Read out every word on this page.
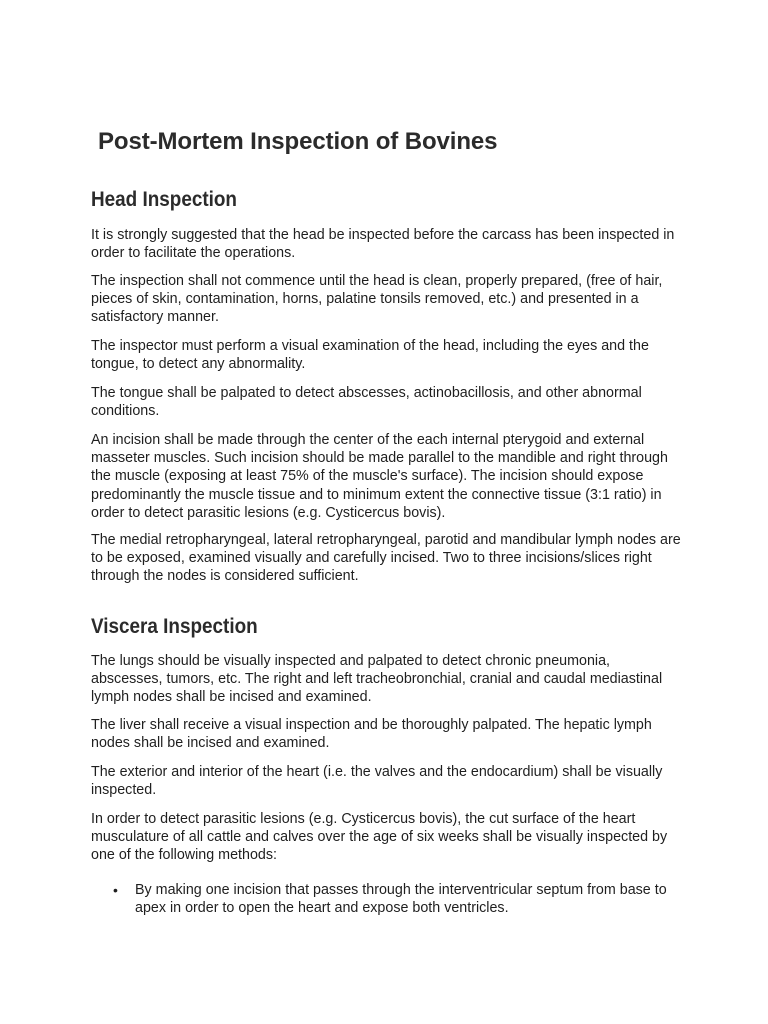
Post-Mortem Inspection of Bovines
Head Inspection

It is strongly suggested that the head be inspected before the carcass has been inspected in order to facilitate the operations.

The inspection shall not commence until the head is clean, properly prepared, (free of hair, pieces of skin, contamination, horns, palatine tonsils removed, etc.) and presented in a satisfactory manner.

The inspector must perform a visual examination of the head, including the eyes and the tongue, to detect any abnormality.

The tongue shall be palpated to detect abscesses, actinobacillosis, and other abnormal conditions.

An incision shall be made through the center of the each internal pterygoid and external masseter muscles. Such incision should be made parallel to the mandible and right through the muscle (exposing at least 75% of the muscle's surface). The incision should expose predominantly the muscle tissue and to minimum extent the connective tissue (3:1 ratio) in order to detect parasitic lesions (e.g. Cysticercus bovis).

The medial retropharyngeal, lateral retropharyngeal, parotid and mandibular lymph nodes are to be exposed, examined visually and carefully incised. Two to three incisions/slices right through the nodes is considered sufficient.

Viscera Inspection

The lungs should be visually inspected and palpated to detect chronic pneumonia, abscesses, tumors, etc. The right and left tracheobronchial, cranial and caudal mediastinal lymph nodes shall be incised and examined.

The liver shall receive a visual inspection and be thoroughly palpated. The hepatic lymph nodes shall be incised and examined.

The exterior and interior of the heart (i.e. the valves and the endocardium) shall be visually inspected.

In order to detect parasitic lesions (e.g. Cysticercus bovis), the cut surface of the heart musculature of all cattle and calves over the age of six weeks shall be visually inspected by one of the following methods:

• By making one incision that passes through the interventricular septum from base to apex in order to open the heart and expose both ventricles.
